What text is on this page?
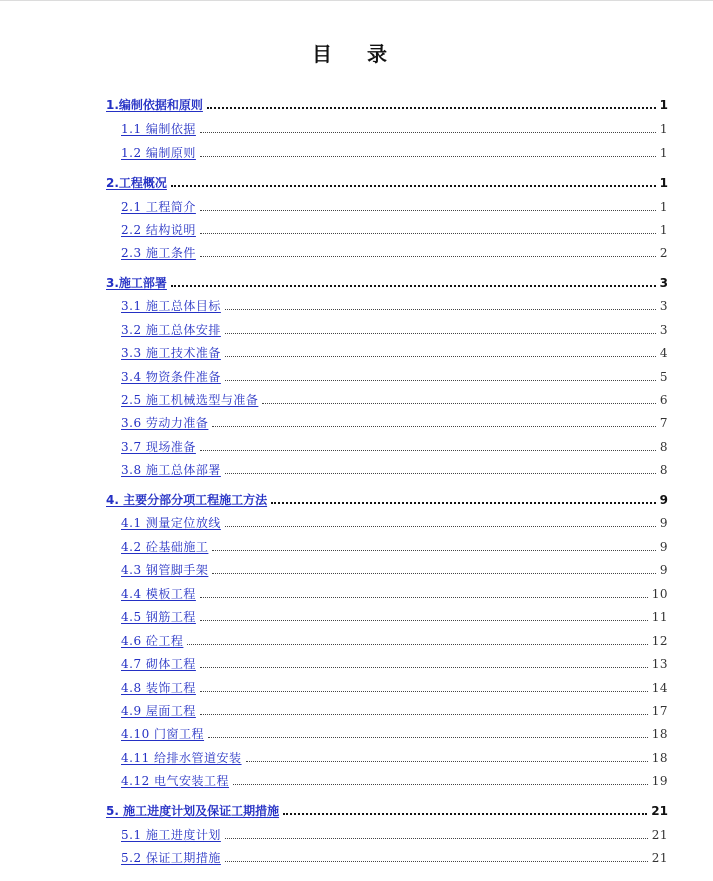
目 录
1.编制依据和原则	1
1.1 编制依据	1
1.2 编制原则	1
2.工程概况	1
2.1 工程简介	1
2.2 结构说明	1
2.3 施工条件	2
3.施工部署	3
3.1 施工总体目标	3
3.2 施工总体安排	3
3.3 施工技术准备	4
3.4 物资条件准备	5
2.5 施工机械选型与准备	6
3.6 劳动力准备	7
3.7 现场准备	8
3.8 施工总体部署	8
4. 主要分部分项工程施工方法	9
4.1 测量定位放线	9
4.2 砼基础施工	9
4.3 钢管脚手架	9
4.4 模板工程	10
4.5 钢筋工程	11
4.6 砼工程	12
4.7 砌体工程	13
4.8 装饰工程	14
4.9 屋面工程	17
4.10 门窗工程	18
4.11 给排水管道安装	18
4.12 电气安装工程	19
5. 施工进度计划及保证工期措施	21
5.1 施工进度计划	21
5.2 保证工期措施	21
